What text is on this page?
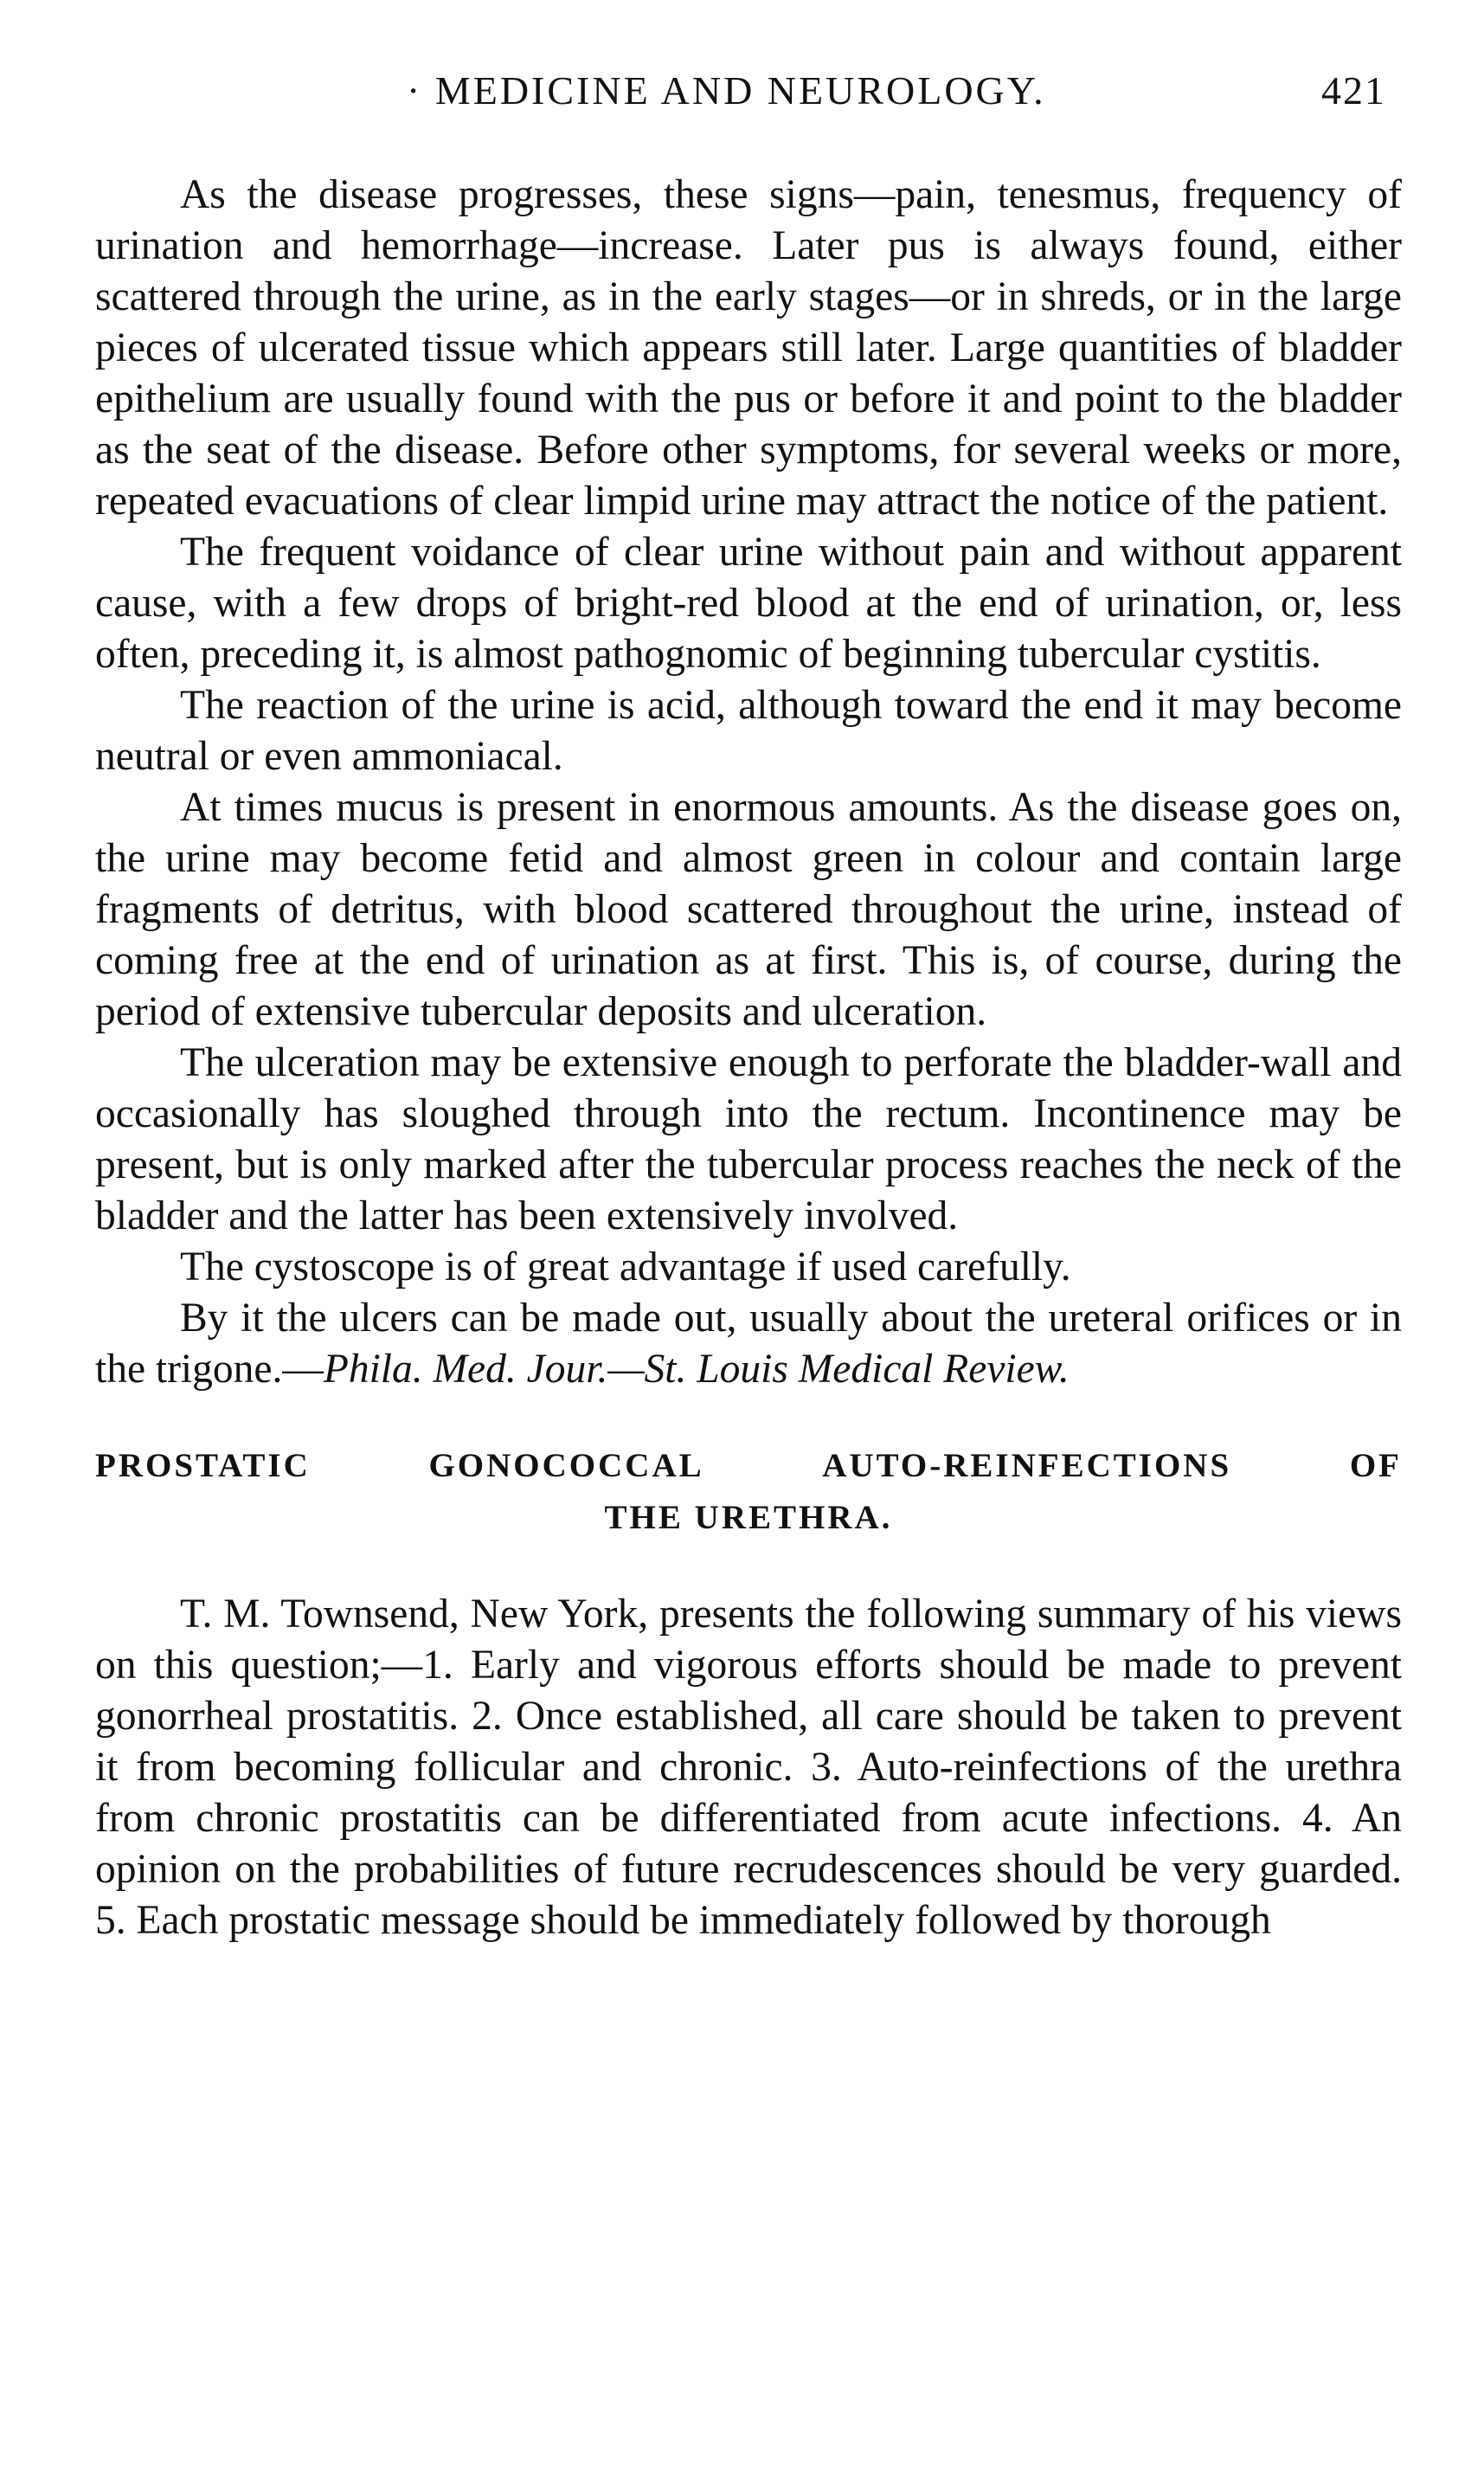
· MEDICINE AND NEUROLOGY.	421

As the disease progresses, these signs—pain, tenesmus, frequency of urination and hemorrhage—increase. Later pus is always found, either scattered through the urine, as in the early stages—or in shreds, or in the large pieces of ulcerated tissue which appears still later. Large quantities of bladder epithelium are usually found with the pus or before it and point to the bladder as the seat of the disease. Before other symptoms, for several weeks or more, repeated evacuations of clear limpid urine may attract the notice of the patient.

The frequent voidance of clear urine without pain and without apparent cause, with a few drops of bright-red blood at the end of urination, or, less often, preceding it, is almost pathognomic of beginning tubercular cystitis.

The reaction of the urine is acid, although toward the end it may become neutral or even ammoniacal.

At times mucus is present in enormous amounts. As the disease goes on, the urine may become fetid and almost green in colour and contain large fragments of detritus, with blood scattered throughout the urine, instead of coming free at the end of urination as at first. This is, of course, during the period of extensive tubercular deposits and ulceration.

The ulceration may be extensive enough to perforate the bladder-wall and occasionally has sloughed through into the rectum. Incontinence may be present, but is only marked after the tubercular process reaches the neck of the bladder and the latter has been extensively involved.

The cystoscope is of great advantage if used carefully.

By it the ulcers can be made out, usually about the ureteral orifices or in the trigone.—Phila. Med. Jour.—St. Louis Medical Review.

PROSTATIC	GONOCOCCAL	AUTO-REINFECTIONS	OF
THE URETHRA.

T. M. Townsend, New York, presents the following summary of his views on this question;—1. Early and vigorous efforts should be made to prevent gonorrheal prostatitis. 2. Once established, all care should be taken to prevent it from becoming follicular and chronic. 3. Auto-reinfections of the urethra from chronic prostatitis can be differentiated from acute infections. 4. An opinion on the probabilities of future recrudescences should be very guarded. 5. Each prostatic message should be immediately followed by thorough
